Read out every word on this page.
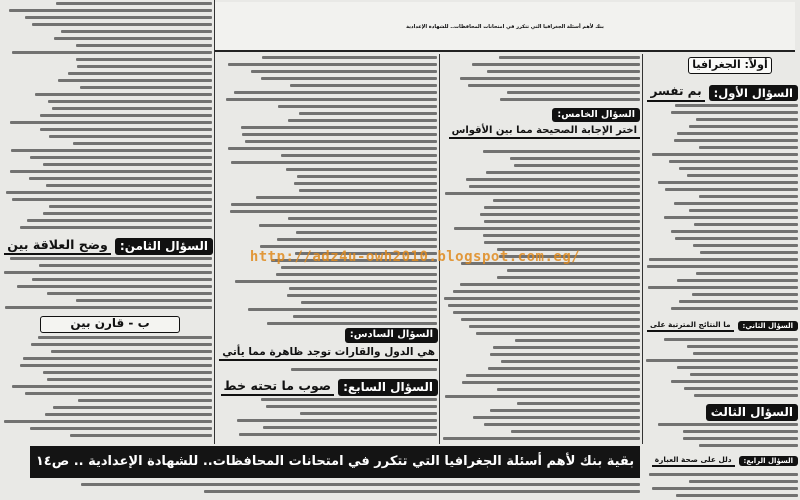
بنك لأهم أسئلة الجغرافيا التي تتكرر في امتحانات المحافظات.. للشهادة الإعدادية
أولاً: الجغرافيا
السؤال الأول:
بم تفسر
السؤال الثاني:
ما النتائج المترتبة على
السؤال الثالث
السؤال الرابع:
دلل على صحة العبارة
السؤال الخامس:
اختر الإجابة الصحيحة مما بين الأقواس
السؤال السادس:
هي الدول والقارات توجد ظاهرة مما يأتي
السؤال السابع:
صوب ما تحته خط
السؤال الثامن:
وضح العلاقة بين
ب - قارن بين
http://adz4u-owh2010.blogspot.com.eg/
بقية بنك لأهم أسئلة الجغرافيا التي تتكرر في امتحانات المحافظات.. للشهادة الإعدادية .. ص١٤
